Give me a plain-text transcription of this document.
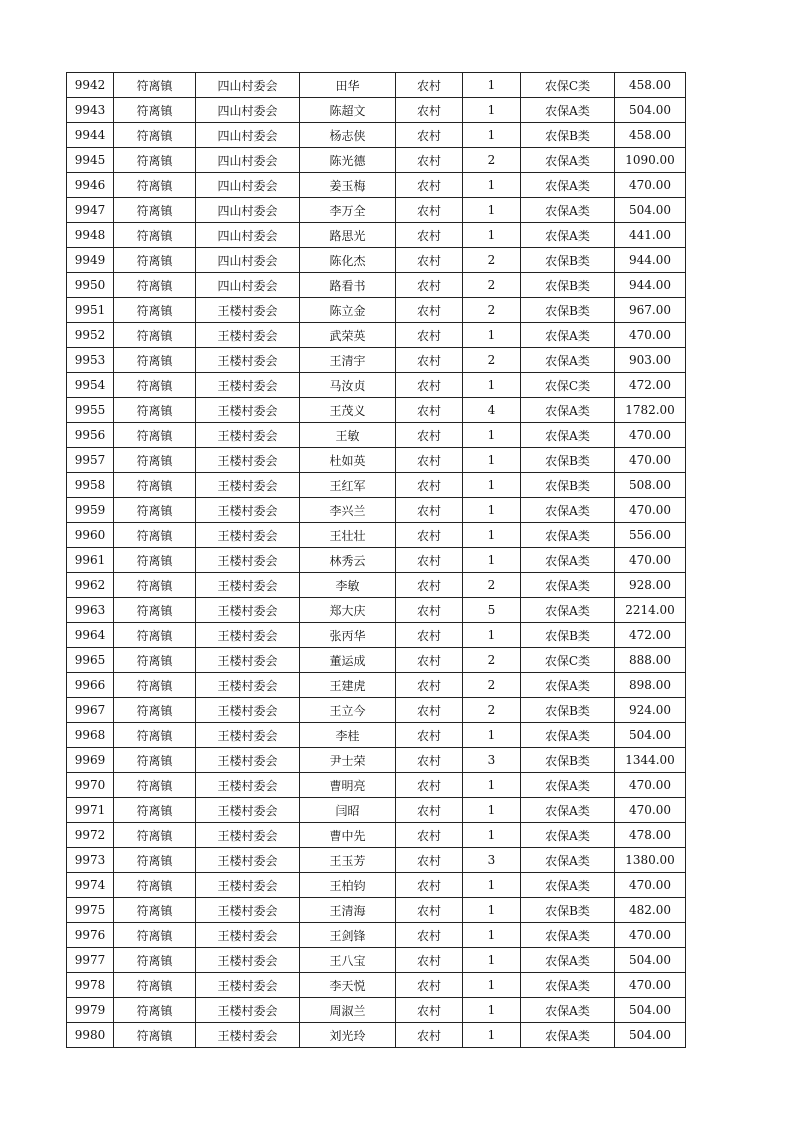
9942	符离镇	四山村委会	田华	农村	1	农保C类	458.00
9943	符离镇	四山村委会	陈超文	农村	1	农保A类	504.00
9944	符离镇	四山村委会	杨志侠	农村	1	农保B类	458.00
9945	符离镇	四山村委会	陈光德	农村	2	农保A类	1090.00
9946	符离镇	四山村委会	姜玉梅	农村	1	农保A类	470.00
9947	符离镇	四山村委会	李万全	农村	1	农保A类	504.00
9948	符离镇	四山村委会	路思光	农村	1	农保A类	441.00
9949	符离镇	四山村委会	陈化杰	农村	2	农保B类	944.00
9950	符离镇	四山村委会	路看书	农村	2	农保B类	944.00
9951	符离镇	王楼村委会	陈立金	农村	2	农保B类	967.00
9952	符离镇	王楼村委会	武荣英	农村	1	农保A类	470.00
9953	符离镇	王楼村委会	王清宇	农村	2	农保A类	903.00
9954	符离镇	王楼村委会	马汝贞	农村	1	农保C类	472.00
9955	符离镇	王楼村委会	王茂义	农村	4	农保A类	1782.00
9956	符离镇	王楼村委会	王敏	农村	1	农保A类	470.00
9957	符离镇	王楼村委会	杜如英	农村	1	农保B类	470.00
9958	符离镇	王楼村委会	王红军	农村	1	农保B类	508.00
9959	符离镇	王楼村委会	李兴兰	农村	1	农保A类	470.00
9960	符离镇	王楼村委会	王壮壮	农村	1	农保A类	556.00
9961	符离镇	王楼村委会	林秀云	农村	1	农保A类	470.00
9962	符离镇	王楼村委会	李敏	农村	2	农保A类	928.00
9963	符离镇	王楼村委会	郑大庆	农村	5	农保A类	2214.00
9964	符离镇	王楼村委会	张丙华	农村	1	农保B类	472.00
9965	符离镇	王楼村委会	董运成	农村	2	农保C类	888.00
9966	符离镇	王楼村委会	王建虎	农村	2	农保A类	898.00
9967	符离镇	王楼村委会	王立今	农村	2	农保B类	924.00
9968	符离镇	王楼村委会	李桂	农村	1	农保A类	504.00
9969	符离镇	王楼村委会	尹士荣	农村	3	农保B类	1344.00
9970	符离镇	王楼村委会	曹明亮	农村	1	农保A类	470.00
9971	符离镇	王楼村委会	闫昭	农村	1	农保A类	470.00
9972	符离镇	王楼村委会	曹中先	农村	1	农保A类	478.00
9973	符离镇	王楼村委会	王玉芳	农村	3	农保A类	1380.00
9974	符离镇	王楼村委会	王柏钧	农村	1	农保A类	470.00
9975	符离镇	王楼村委会	王清海	农村	1	农保B类	482.00
9976	符离镇	王楼村委会	王剑锋	农村	1	农保A类	470.00
9977	符离镇	王楼村委会	王八宝	农村	1	农保A类	504.00
9978	符离镇	王楼村委会	李天悦	农村	1	农保A类	470.00
9979	符离镇	王楼村委会	周淑兰	农村	1	农保A类	504.00
9980	符离镇	王楼村委会	刘光玲	农村	1	农保A类	504.00
